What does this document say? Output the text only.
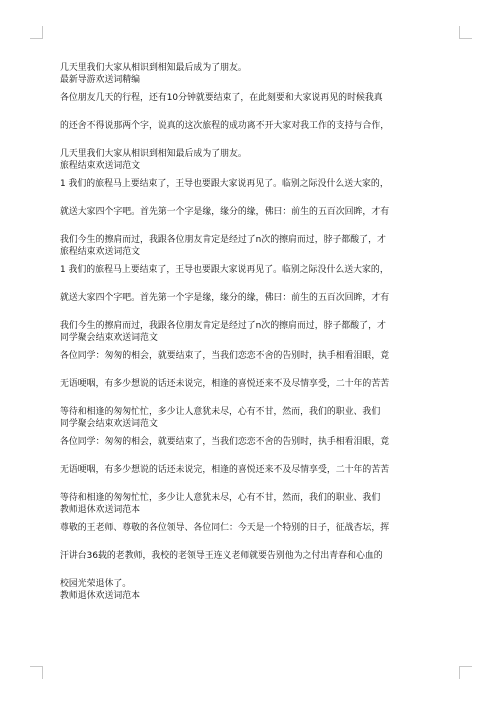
几天里我们大家从相识到相知最后成为了朋友。
最新导游欢送词精编
各位朋友几天的行程，还有10分钟就要结束了，在此刻要和大家说再见的时候我真
的还舍不得说那两个字，说真的这次旅程的成功离不开大家对我工作的支持与合作，
几天里我们大家从相识到相知最后成为了朋友。
旅程结束欢送词范文
1 我们的旅程马上要结束了，王导也要跟大家说再见了。临别之际没什么送大家的，
就送大家四个字吧。首先第一个字是缘，缘分的缘，佛曰：前生的五百次回眸，才有
我们今生的擦肩而过，我跟各位朋友肯定是经过了n次的擦肩而过，脖子都酸了，才
旅程结束欢送词范文
1 我们的旅程马上要结束了，王导也要跟大家说再见了。临别之际没什么送大家的，
就送大家四个字吧。首先第一个字是缘，缘分的缘，佛曰：前生的五百次回眸，才有
我们今生的擦肩而过，我跟各位朋友肯定是经过了n次的擦肩而过，脖子都酸了，才
同学聚会结束欢送词范文
各位同学：匆匆的相会，就要结束了，当我们恋恋不舍的告别时，执手相看泪眼，竟
无语哽咽，有多少想说的话还未说完，相逢的喜悦还来不及尽情享受，二十年的苦苦
等待和相逢的匆匆忙忙，多少让人意犹未尽，心有不甘，然而，我们的职业、我们
同学聚会结束欢送词范文
各位同学：匆匆的相会，就要结束了，当我们恋恋不舍的告别时，执手相看泪眼，竟
无语哽咽，有多少想说的话还未说完，相逢的喜悦还来不及尽情享受，二十年的苦苦
等待和相逢的匆匆忙忙，多少让人意犹未尽，心有不甘，然而，我们的职业、我们
教师退休欢送词范本
尊敬的王老师、尊敬的各位领导、各位同仁：今天是一个特别的日子，征战杏坛，挥
汗讲台36载的老教师，我校的老领导王连义老师就要告别他为之付出青春和心血的
校园光荣退休了。
教师退休欢送词范本
